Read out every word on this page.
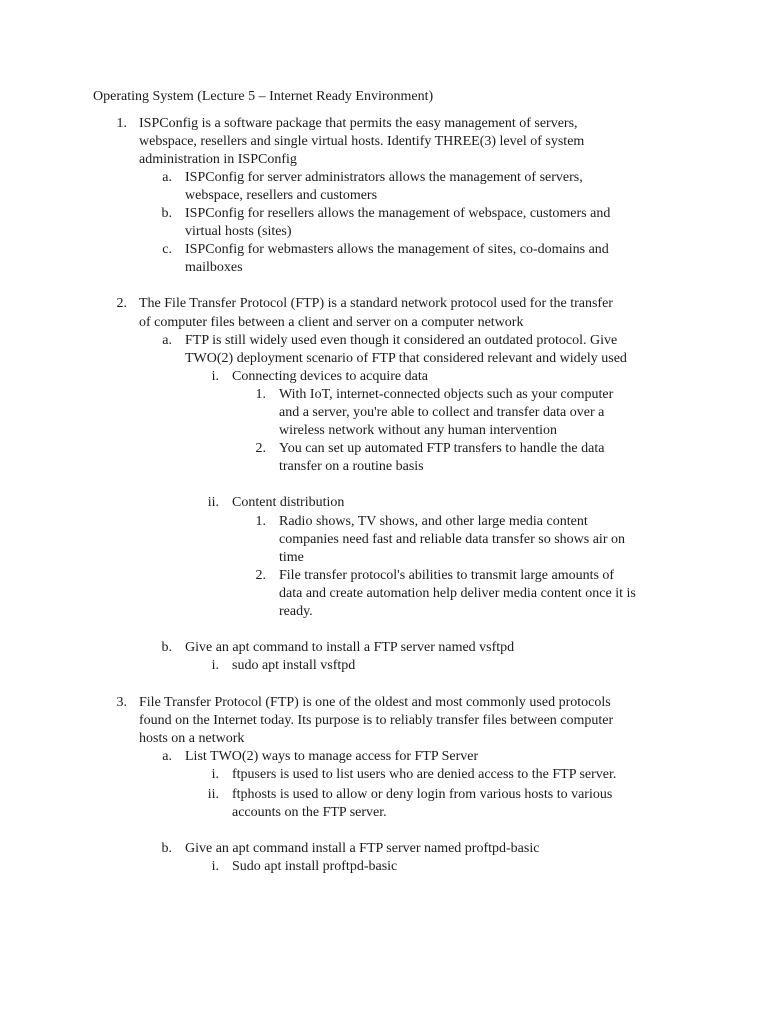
Operating System (Lecture 5 – Internet Ready Environment)
1. ISPConfig is a software package that permits the easy management of servers,
webspace, resellers and single virtual hosts. Identify THREE(3) level of system
administration in ISPConfig
a. ISPConfig for server administrators allows the management of servers,
webspace, resellers and customers
b. ISPConfig for resellers allows the management of webspace, customers and
virtual hosts (sites)
c. ISPConfig for webmasters allows the management of sites, co-domains and
mailboxes
2. The File Transfer Protocol (FTP) is a standard network protocol used for the transfer
of computer files between a client and server on a computer network
a. FTP is still widely used even though it considered an outdated protocol. Give
TWO(2) deployment scenario of FTP that considered relevant and widely used
i. Connecting devices to acquire data
1. With IoT, internet-connected objects such as your computer
and a server, you're able to collect and transfer data over a
wireless network without any human intervention
2. You can set up automated FTP transfers to handle the data
transfer on a routine basis
ii. Content distribution
1. Radio shows, TV shows, and other large media content
companies need fast and reliable data transfer so shows air on
time
2. File transfer protocol's abilities to transmit large amounts of
data and create automation help deliver media content once it is
ready.
b. Give an apt command to install a FTP server named vsftpd
i. sudo apt install vsftpd
3. File Transfer Protocol (FTP) is one of the oldest and most commonly used protocols
found on the Internet today. Its purpose is to reliably transfer files between computer
hosts on a network
a. List TWO(2) ways to manage access for FTP Server
i. ftpusers is used to list users who are denied access to the FTP server.
ii. ftphosts is used to allow or deny login from various hosts to various
accounts on the FTP server.
b. Give an apt command install a FTP server named proftpd-basic
i. Sudo apt install proftpd-basic
